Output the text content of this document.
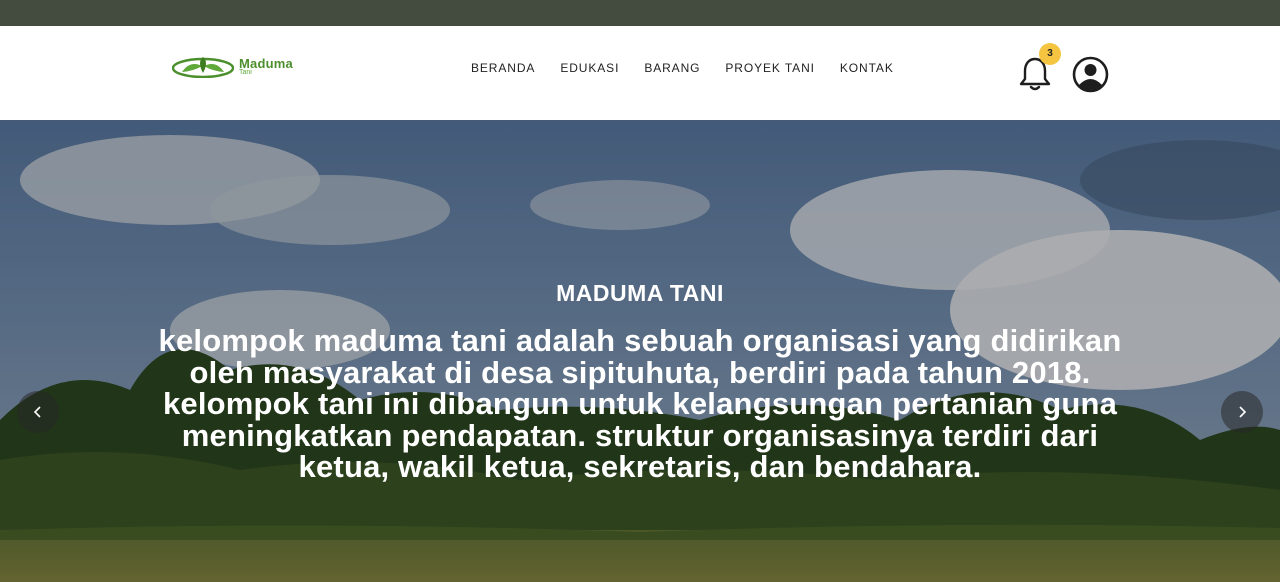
Maduma
Tani	BERANDA EDUKASI BARANG PROYEK TANI KONTAK
3
MADUMA TANI

kelompok maduma tani adalah sebuah organisasi yang didirikan oleh masyarakat di desa sipituhuta, berdiri pada tahun 2018. kelompok tani ini dibangun untuk kelangsungan pertanian guna meningkatkan pendapatan. struktur organisasinya terdiri dari ketua, wakil ketua, sekretaris, dan bendahara.
